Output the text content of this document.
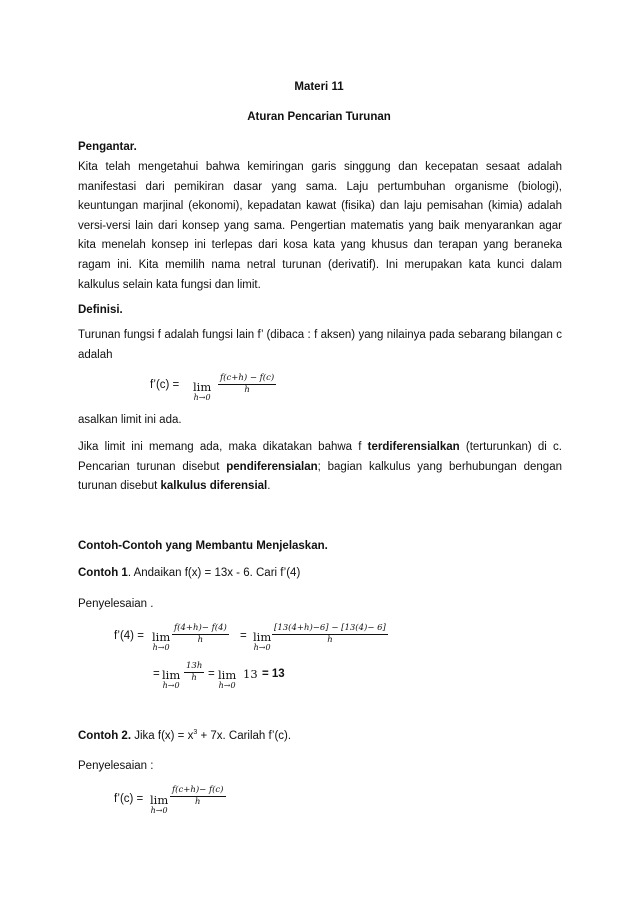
Materi 11
Aturan Pencarian Turunan
Pengantar.
Kita telah mengetahui bahwa kemiringan garis singgung dan kecepatan sesaat adalah manifestasi dari pemikiran dasar yang sama. Laju pertumbuhan organisme (biologi), keuntungan marjinal (ekonomi), kepadatan kawat (fisika) dan laju pemisahan (kimia) adalah versi-versi lain dari konsep yang sama. Pengertian matematis yang baik menyarankan agar kita menelah konsep ini terlepas dari kosa kata yang khusus dan terapan yang beraneka ragam ini. Kita memilih nama netral turunan (derivatif). Ini merupakan kata kunci dalam kalkulus selain kata fungsi dan limit.
Definisi.
Turunan fungsi f adalah fungsi lain f’ (dibaca : f aksen) yang nilainya pada sebarang bilangan c adalah
f’(c) = lim
h→0
$\frac{f(c+h) - f(c)}{h}$
asalkan limit ini ada.
Jika limit ini memang ada, maka dikatakan bahwa f terdiferensialkan (terturunkan) di c. Pencarian turunan disebut pendiferensialan; bagian kalkulus yang berhubungan dengan turunan disebut kalkulus diferensial.
Contoh-Contoh yang Membantu Menjelaskan.
Contoh 1. Andaikan f(x) = 13x - 6. Cari f’(4)
Penyelesaian .
f’(4) = lim
h→0
$\frac{f(4+h)- f(4)}{h} = \lim$
h→0
$\frac{[13(4+h)-6] - [13(4)- 6]}{h}$
= lim
h→0
$\frac{13h}{h} = \lim$
h→0
13 = 13
Contoh 2. Jika $f(x) = x^3 + 7x$. Carilah f’(c).
Penyelesaian :
f’(c) = lim
h→0
$\frac{f(c+h)- f(c)}{h}$
